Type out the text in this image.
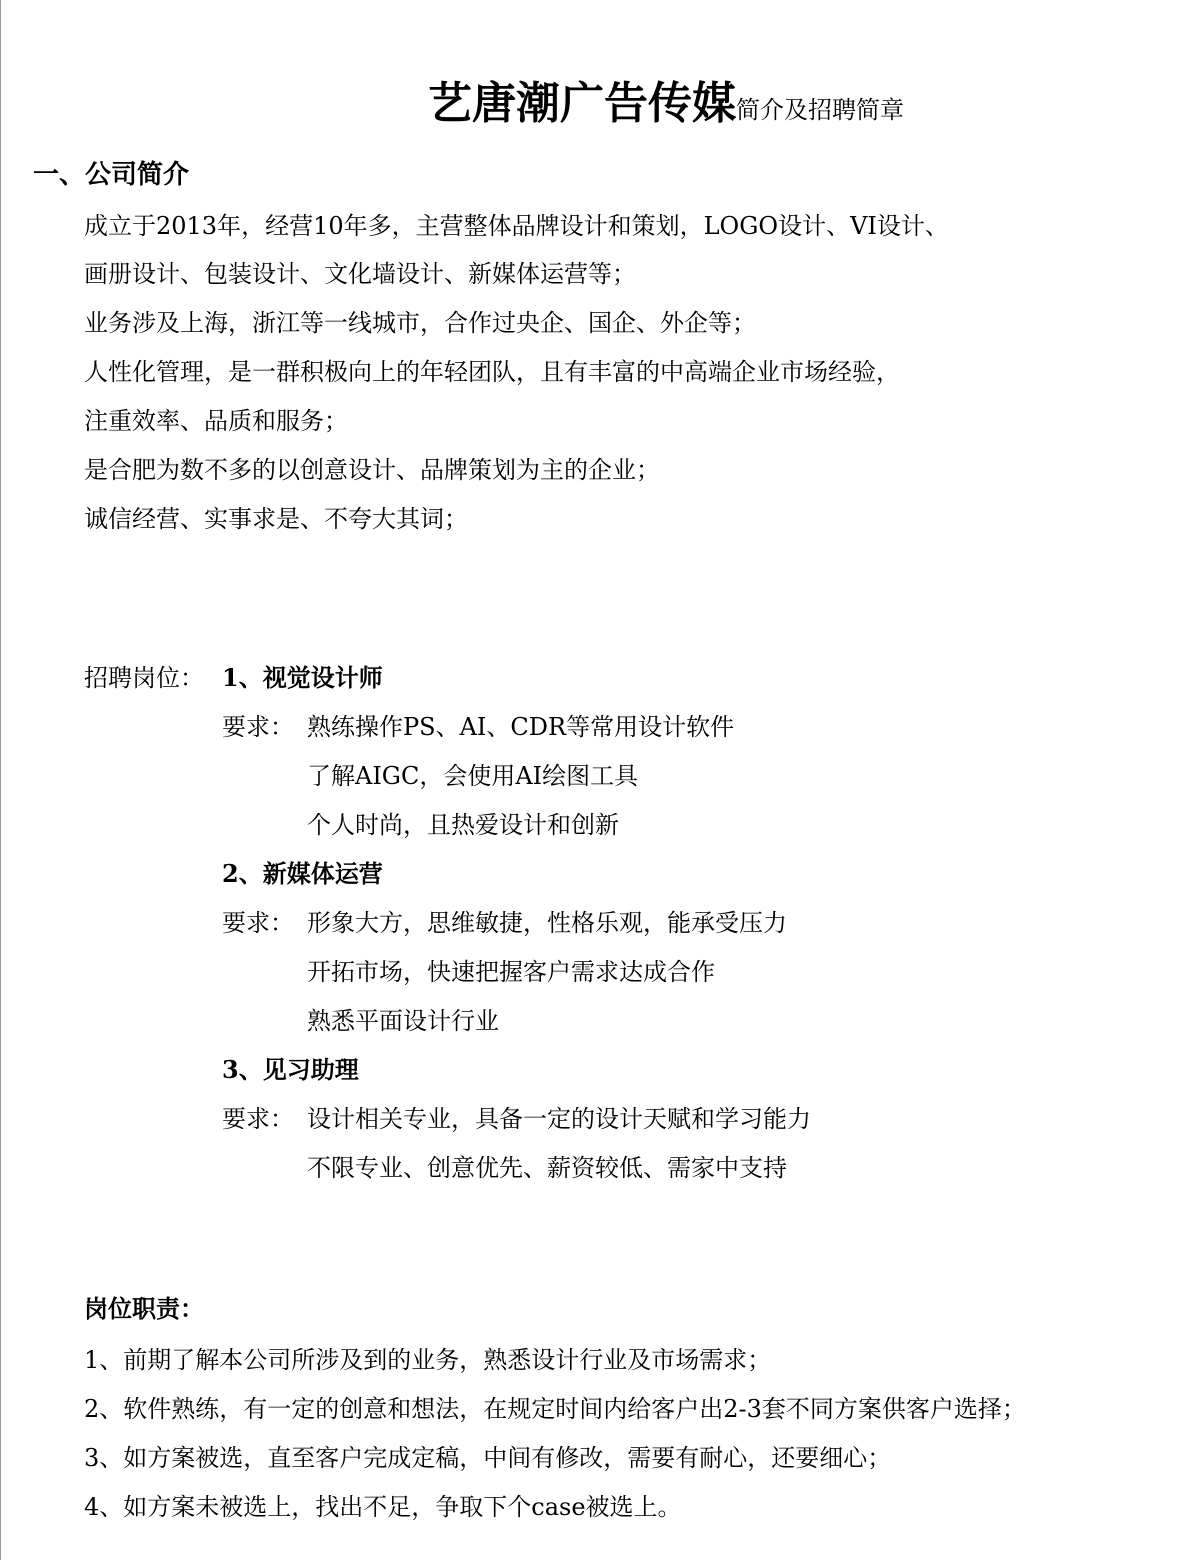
艺唐潮广告传媒简介及招聘简章
一、公司简介
成立于2013年，经营10年多，主营整体品牌设计和策划，LOGO设计、VI设计、
画册设计、包装设计、文化墙设计、新媒体运营等；
业务涉及上海，浙江等一线城市，合作过央企、国企、外企等；
人性化管理，是一群积极向上的年轻团队，且有丰富的中高端企业市场经验，
注重效率、品质和服务；
是合肥为数不多的以创意设计、品牌策划为主的企业；
诚信经营、实事求是、不夸大其词；
招聘岗位： 1、视觉设计师
要求： 熟练操作PS、AI、CDR等常用设计软件
了解AIGC，会使用AI绘图工具
个人时尚，且热爱设计和创新
2、新媒体运营
要求： 形象大方，思维敏捷，性格乐观，能承受压力
开拓市场，快速把握客户需求达成合作
熟悉平面设计行业
3、见习助理
要求： 设计相关专业，具备一定的设计天赋和学习能力
不限专业、创意优先、薪资较低、需家中支持
岗位职责：
1、前期了解本公司所涉及到的业务，熟悉设计行业及市场需求；
2、软件熟练，有一定的创意和想法，在规定时间内给客户出2-3套不同方案供客户选择；
3、如方案被选，直至客户完成定稿，中间有修改，需要有耐心，还要细心；
4、如方案未被选上，找出不足，争取下个case被选上。
